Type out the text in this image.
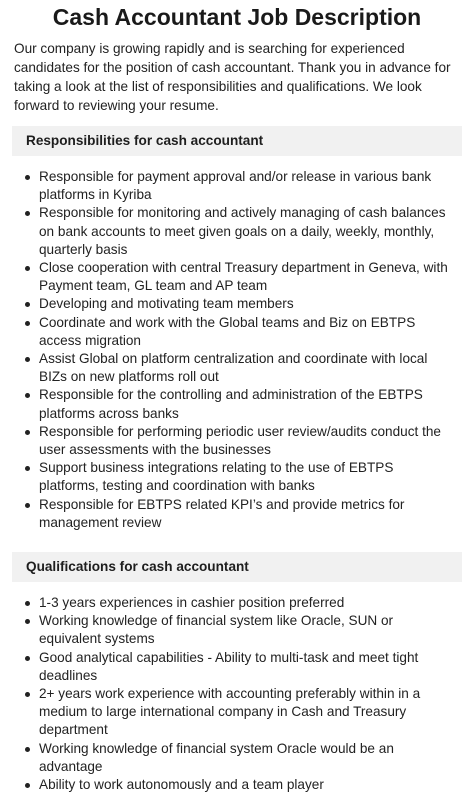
Cash Accountant Job Description

Our company is growing rapidly and is searching for experienced candidates for the position of cash accountant. Thank you in advance for taking a look at the list of responsibilities and qualifications. We look forward to reviewing your resume.

Responsibilities for cash accountant
Responsible for payment approval and/or release in various bank platforms in Kyriba
Responsible for monitoring and actively managing of cash balances on bank accounts to meet given goals on a daily, weekly, monthly, quarterly basis
Close cooperation with central Treasury department in Geneva, with Payment team, GL team and AP team
Developing and motivating team members
Coordinate and work with the Global teams and Biz on EBTPS access migration
Assist Global on platform centralization and coordinate with local BIZs on new platforms roll out
Responsible for the controlling and administration of the EBTPS platforms across banks
Responsible for performing periodic user review/audits conduct the user assessments with the businesses
Support business integrations relating to the use of EBTPS platforms, testing and coordination with banks
Responsible for EBTPS related KPI’s and provide metrics for management review
Qualifications for cash accountant
1-3 years experiences in cashier position preferred
Working knowledge of financial system like Oracle, SUN or equivalent systems
Good analytical capabilities - Ability to multi-task and meet tight deadlines
2+ years work experience with accounting preferably within in a medium to large international company in Cash and Treasury department
Working knowledge of financial system Oracle would be an advantage
Ability to work autonomously and a team player
